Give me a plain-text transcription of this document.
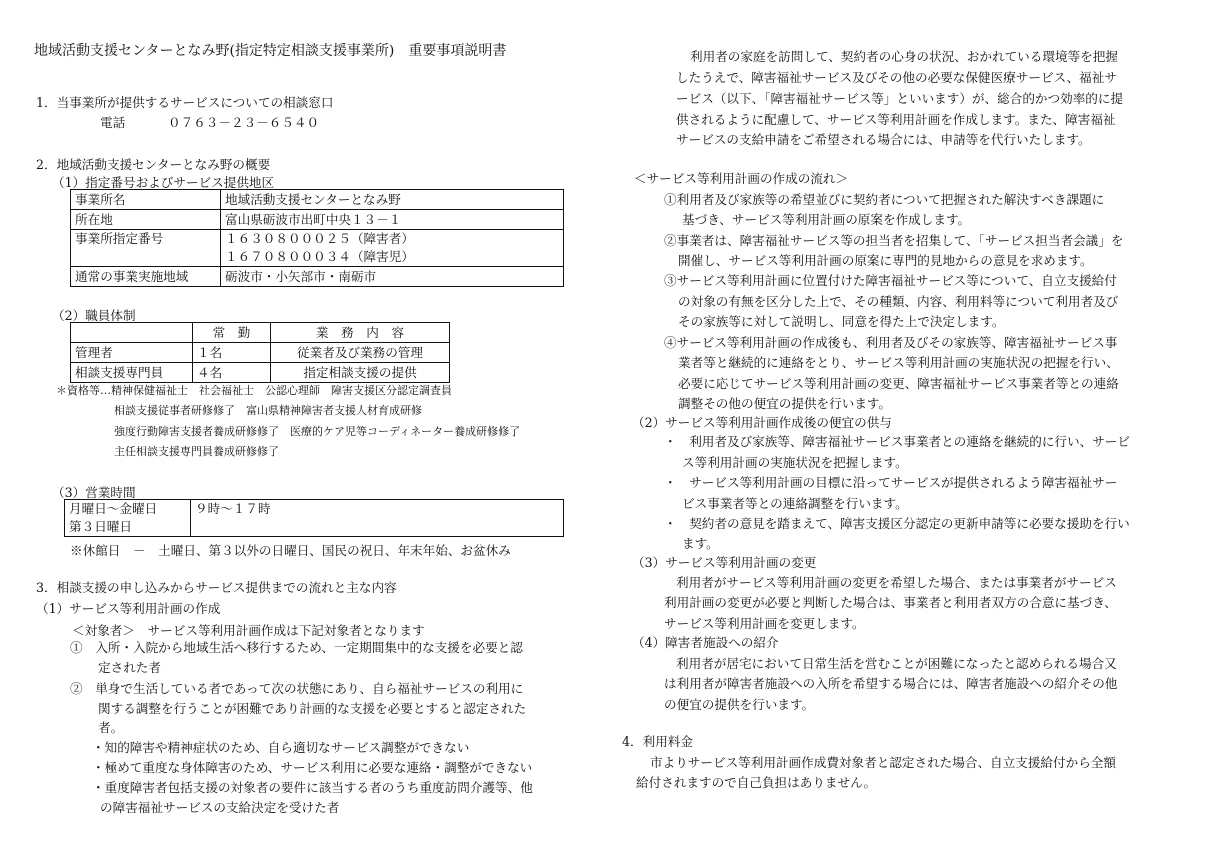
地域活動支援センターとなみ野(指定特定相談支援事業所)　重要事項説明書
1．当事業所が提供するサービスについての相談窓口
電話	０７６３－２３－６５４０
2．地域活動支援センターとなみ野の概要
（1）指定番号およびサービス提供地区
事業所名	地域活動支援センターとなみ野
所在地	富山県砺波市出町中央１３－１
事業所指定番号	１６３０８０００２５（障害者）
１６７０８０００３４（障害児）

通常の事業実施地域	砺波市・小矢部市・南砺市
（2）職員体制
	常　勤	業　務　内　容
管理者	１名	従業者及び業務の管理
相談支援専門員	４名	指定相談支援の提供
＊資格等…精神保健福祉士　社会福祉士　公認心理師　障害支援区分認定調査員
相談支援従事者研修修了　富山県精神障害者支援人材育成研修
強度行動障害支援者養成研修修了　医療的ケア児等コーディネーター養成研修修了
主任相談支援専門員養成研修修了
（3）営業時間
月曜日～金曜日
第３日曜日
	９時～１７時
※休館日　－　土曜日、第３以外の日曜日、国民の祝日、年末年始、お盆休み
3．相談支援の申し込みからサービス提供までの流れと主な内容
（1）サービス等利用計画の作成
＜対象者＞　サービス等利用計画作成は下記対象者となります
①　入所・入院から地域生活へ移行するため、一定期間集中的な支援を必要と認
定された者
②　単身で生活している者であって次の状態にあり、自ら福祉サービスの利用に
関する調整を行うことが困難であり計画的な支援を必要とすると認定された
者。
・知的障害や精神症状のため、自ら適切なサービス調整ができない
・極めて重度な身体障害のため、サービス利用に必要な連絡・調整ができない
・重度障害者包括支援の対象者の要件に該当する者のうち重度訪問介護等、他
の障害福祉サービスの支給決定を受けた者
利用者の家庭を訪問して、契約者の心身の状況、おかれている環境等を把握
したうえで、障害福祉サービス及びその他の必要な保健医療サービス、福祉サ
ービス（以下、「障害福祉サービス等」といいます）が、総合的かつ効率的に提
供されるように配慮して、サービス等利用計画を作成します。また、障害福祉
サービスの支給申請をご希望される場合には、申請等を代行いたします。
＜サービス等利用計画の作成の流れ＞
①利用者及び家族等の希望並びに契約者について把握された解決すべき課題に
基づき、サービス等利用計画の原案を作成します。
②事業者は、障害福祉サービス等の担当者を招集して、「サービス担当者会議」を
開催し、サービス等利用計画の原案に専門的見地からの意見を求めます。
③サービス等利用計画に位置付けた障害福祉サービス等について、自立支援給付
の対象の有無を区分した上で、その種類、内容、利用料等について利用者及び
その家族等に対して説明し、同意を得た上で決定します。
④サービス等利用計画の作成後も、利用者及びその家族等、障害福祉サービス事
業者等と継続的に連絡をとり、サービス等利用計画の実施状況の把握を行い、
必要に応じてサービス等利用計画の変更、障害福祉サービス事業者等との連絡
調整その他の便宜の提供を行います。
（2）サービス等利用計画作成後の便宜の供与
・　利用者及び家族等、障害福祉サービス事業者との連絡を継続的に行い、サービ
ス等利用計画の実施状況を把握します。
・　サービス等利用計画の目標に沿ってサービスが提供されるよう障害福祉サー
ビス事業者等との連絡調整を行います。
・　契約者の意見を踏まえて、障害支援区分認定の更新申請等に必要な援助を行い
ます。
（3）サービス等利用計画の変更
利用者がサービス等利用計画の変更を希望した場合、または事業者がサービス
利用計画の変更が必要と判断した場合は、事業者と利用者双方の合意に基づき、
サービス等利用計画を変更します。
（4）障害者施設への紹介
利用者が居宅において日常生活を営むことが困難になったと認められる場合又
は利用者が障害者施設への入所を希望する場合には、障害者施設への紹介その他
の便宜の提供を行います。
4．利用料金
市よりサービス等利用計画作成費対象者と認定された場合、自立支援給付から全額
給付されますので自己負担はありません。
